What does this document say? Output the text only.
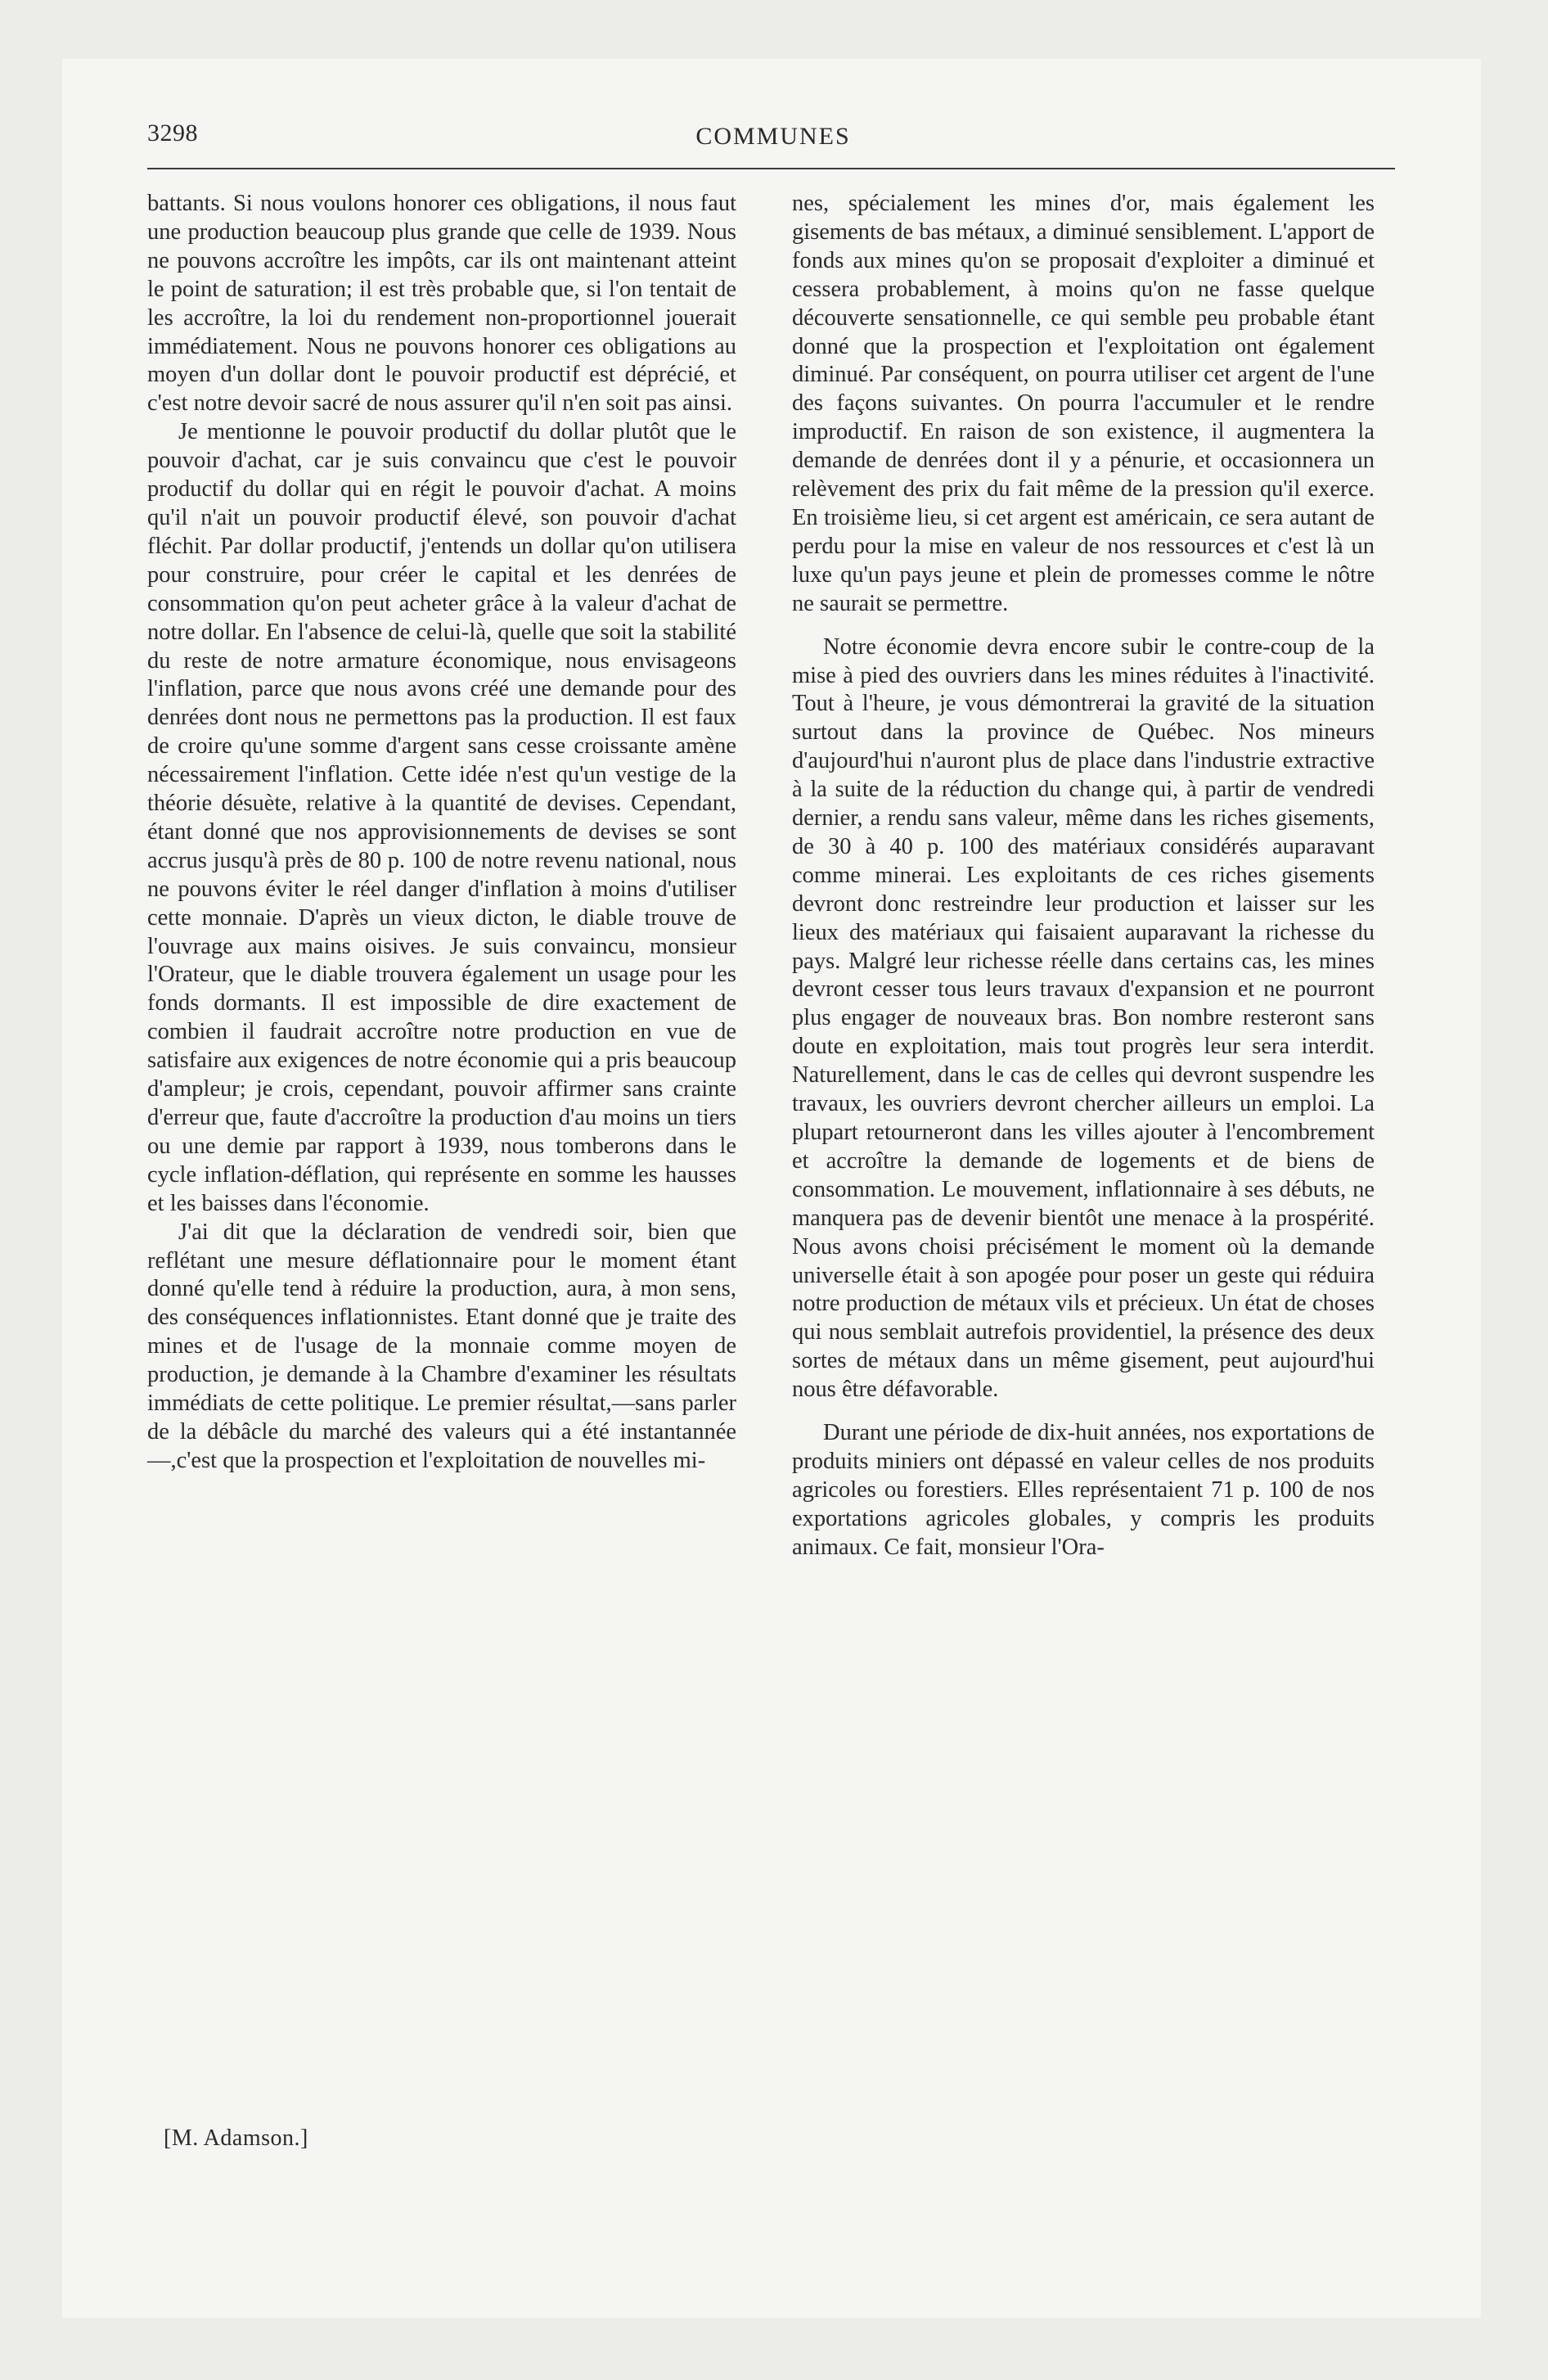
3298	COMMUNES

battants. Si nous voulons honorer ces obligations, il nous faut une production beaucoup plus grande que celle de 1939. Nous ne pouvons accroître les impôts, car ils ont maintenant atteint le point de saturation; il est très probable que, si l'on tentait de les accroître, la loi du rendement non-proportionnel jouerait immédiatement. Nous ne pouvons honorer ces obligations au moyen d'un dollar dont le pouvoir productif est déprécié, et c'est notre devoir sacré de nous assurer qu'il n'en soit pas ainsi.

Je mentionne le pouvoir productif du dollar plutôt que le pouvoir d'achat, car je suis convaincu que c'est le pouvoir productif du dollar qui en régit le pouvoir d'achat. A moins qu'il n'ait un pouvoir productif élevé, son pouvoir d'achat fléchit. Par dollar productif, j'entends un dollar qu'on utilisera pour construire, pour créer le capital et les denrées de consommation qu'on peut acheter grâce à la valeur d'achat de notre dollar. En l'absence de celui-là, quelle que soit la stabilité du reste de notre armature économique, nous envisageons l'inflation, parce que nous avons créé une demande pour des denrées dont nous ne permettons pas la production. Il est faux de croire qu'une somme d'argent sans cesse croissante amène nécessairement l'inflation. Cette idée n'est qu'un vestige de la théorie désuète, relative à la quantité de devises. Cependant, étant donné que nos approvisionnements de devises se sont accrus jusqu'à près de 80 p. 100 de notre revenu national, nous ne pouvons éviter le réel danger d'inflation à moins d'utiliser cette monnaie. D'après un vieux dicton, le diable trouve de l'ouvrage aux mains oisives. Je suis convaincu, monsieur l'Orateur, que le diable trouvera également un usage pour les fonds dormants. Il est impossible de dire exactement de combien il faudrait accroître notre production en vue de satisfaire aux exigences de notre économie qui a pris beaucoup d'ampleur; je crois, cependant, pouvoir affirmer sans crainte d'erreur que, faute d'accroître la production d'au moins un tiers ou une demie par rapport à 1939, nous tomberons dans le cycle inflation-déflation, qui représente en somme les hausses et les baisses dans l'économie.

J'ai dit que la déclaration de vendredi soir, bien que reflétant une mesure déflationnaire pour le moment étant donné qu'elle tend à réduire la production, aura, à mon sens, des conséquences inflationnistes. Etant donné que je traite des mines et de l'usage de la monnaie comme moyen de production, je demande à la Chambre d'examiner les résultats immédiats de cette politique. Le premier résultat,—sans parler de la débâcle du marché des valeurs qui a été instantannée—,c'est que la prospection et l'exploitation de nouvelles mi-

[M. Adamson.]

nes, spécialement les mines d'or, mais également les gisements de bas métaux, a diminué sensiblement. L'apport de fonds aux mines qu'on se proposait d'exploiter a diminué et cessera probablement, à moins qu'on ne fasse quelque découverte sensationnelle, ce qui semble peu probable étant donné que la prospection et l'exploitation ont également diminué. Par conséquent, on pourra utiliser cet argent de l'une des façons suivantes. On pourra l'accumuler et le rendre improductif. En raison de son existence, il augmentera la demande de denrées dont il y a pénurie, et occasionnera un relèvement des prix du fait même de la pression qu'il exerce. En troisième lieu, si cet argent est américain, ce sera autant de perdu pour la mise en valeur de nos ressources et c'est là un luxe qu'un pays jeune et plein de promesses comme le nôtre ne saurait se permettre.

Notre économie devra encore subir le contre-coup de la mise à pied des ouvriers dans les mines réduites à l'inactivité. Tout à l'heure, je vous démontrerai la gravité de la situation surtout dans la province de Québec. Nos mineurs d'aujourd'hui n'auront plus de place dans l'industrie extractive à la suite de la réduction du change qui, à partir de vendredi dernier, a rendu sans valeur, même dans les riches gisements, de 30 à 40 p. 100 des matériaux considérés auparavant comme minerai. Les exploitants de ces riches gisements devront donc restreindre leur production et laisser sur les lieux des matériaux qui faisaient auparavant la richesse du pays. Malgré leur richesse réelle dans certains cas, les mines devront cesser tous leurs travaux d'expansion et ne pourront plus engager de nouveaux bras. Bon nombre resteront sans doute en exploitation, mais tout progrès leur sera interdit. Naturellement, dans le cas de celles qui devront suspendre les travaux, les ouvriers devront chercher ailleurs un emploi. La plupart retourneront dans les villes ajouter à l'encombrement et accroître la demande de logements et de biens de consommation. Le mouvement, inflationnaire à ses débuts, ne manquera pas de devenir bientôt une menace à la prospérité. Nous avons choisi précisément le moment où la demande universelle était à son apogée pour poser un geste qui réduira notre production de métaux vils et précieux. Un état de choses qui nous semblait autrefois providentiel, la présence des deux sortes de métaux dans un même gisement, peut aujourd'hui nous être défavorable.

Durant une période de dix-huit années, nos exportations de produits miniers ont dépassé en valeur celles de nos produits agricoles ou forestiers. Elles représentaient 71 p. 100 de nos exportations agricoles globales, y compris les produits animaux. Ce fait, monsieur l'Ora-
